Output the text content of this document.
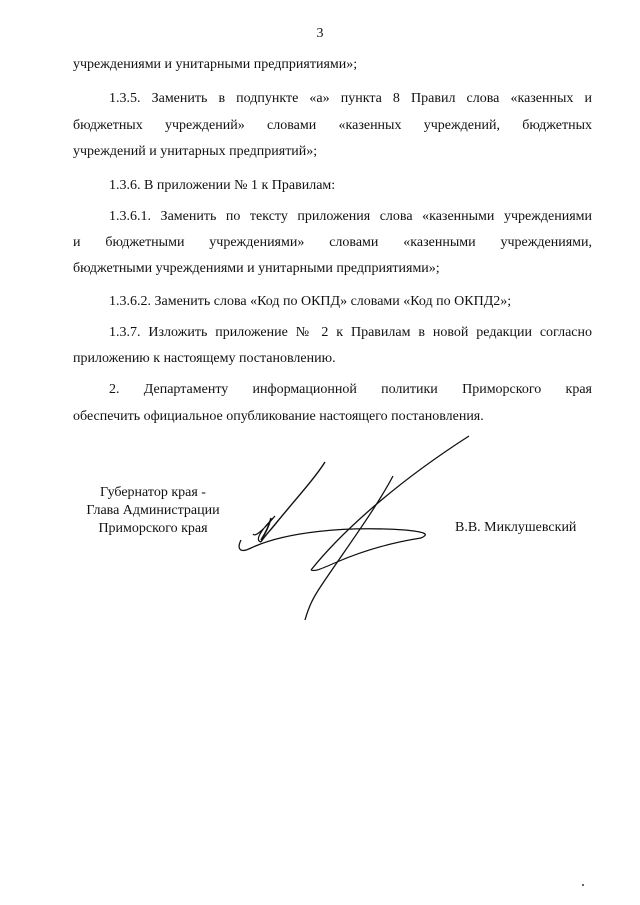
3
учреждениями и унитарными предприятиями»;
1.3.5. Заменить в подпункте «а» пункта 8 Правил слова «казенных и
бюджетных учреждений» словами «казенных учреждений, бюджетных
учреждений и унитарных предприятий»;
1.3.6. В приложении № 1 к Правилам:
1.3.6.1. Заменить по тексту приложения слова «казенными учреждениями
и бюджетными учреждениями» словами «казенными учреждениями,
бюджетными учреждениями и унитарными предприятиями»;
1.3.6.2. Заменить слова «Код по ОКПД» словами «Код по ОКПД2»;
1.3.7. Изложить приложение № 2 к Правилам в новой редакции согласно
приложению к настоящему постановлению.
2. Департаменту информационной политики Приморского края
обеспечить официальное опубликование настоящего постановления.
Губернатор края -
Глава Администрации
Приморского края	В.В. Миклушевский
